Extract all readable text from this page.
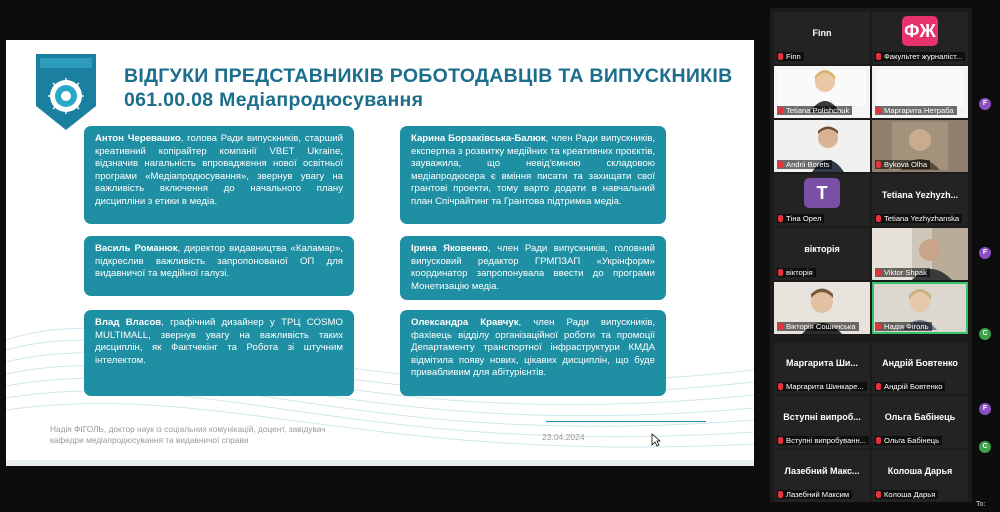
ВІДГУКИ ПРЕДСТАВНИКІВ РОБОТОДАВЦІВ ТА ВИПУСКНИКІВ
061.00.08 Медіапродюсування
Антон Черевашко, голова Ради випускників, старший креативний копірайтер компанії VBET Ukraine, відзначив нагальність впровадження нової освітньої програми «Медіапродюсування», звернув увагу на важливість включення до начального плану дисципліни з етики в медіа.
Василь Романюк, директор видавництва «Каламар», підкреслив важливість запропонованої ОП для видавничої та медійної галузі.
Влад Власов, графічний дизайнер у ТРЦ COSMO MULTIMALL, звернув увагу на важливість таких дисциплін, як Фактчекінг та Робота зі штучним інтелектом.
Карина Борзаківська-Балюк, член Ради випускників, експертка з розвитку медійних та креативних проєктів, зауважила, що невід'ємною складовою медіапродюсера є вміння писати та захищати свої грантові проекти, тому варто додати в навчальний план Спічрайтинг та Грантова підтримка медіа.
Ірина Яковенко, член Ради випускників, головний випусковий редактор ГРМПЗАП «Укрінформ» координатор запропонувала ввести до програми Монетизацію медіа.
Олександра Кравчук, член Ради випускників, фахівець відділу організаційної роботи та промоції Департаменту транспортної інфраструктури КМДА відмітила появу нових, цікавих дисциплін, що буде привабливим для абітурієнтів.
Надія ФІГОЛЬ, доктор наук із соціальних комунікацій, доцент, завідувач кафедри медіапродюсування та видавничої справи	23.04.2024
Finn
Finn
ФЖ
Факультет журналіст...
Tetiana Polishchuk	Маргарита Нетраба
Andrii Borets	Bykova Olha
T
Тіна Орел
Tetiana Yezhyzh...
Tetiana Yezhyzhanska
вікторія
вікторія	Viktor Shpak
Вікторія Сошинська	Надія Фіголь
Маргарита Ши...
Маргарита Шинкаре...
Андрій Бовтенко
Андрій Бовтенко
Вступні випроб...
Вступні випробуванн...
Ольга Бабінець
Ольга Бабінець
Лазебний Макс...
Лазебний Максим
Колоша Дарья
Колоша Дарья
F
F
C
F
C
To:
